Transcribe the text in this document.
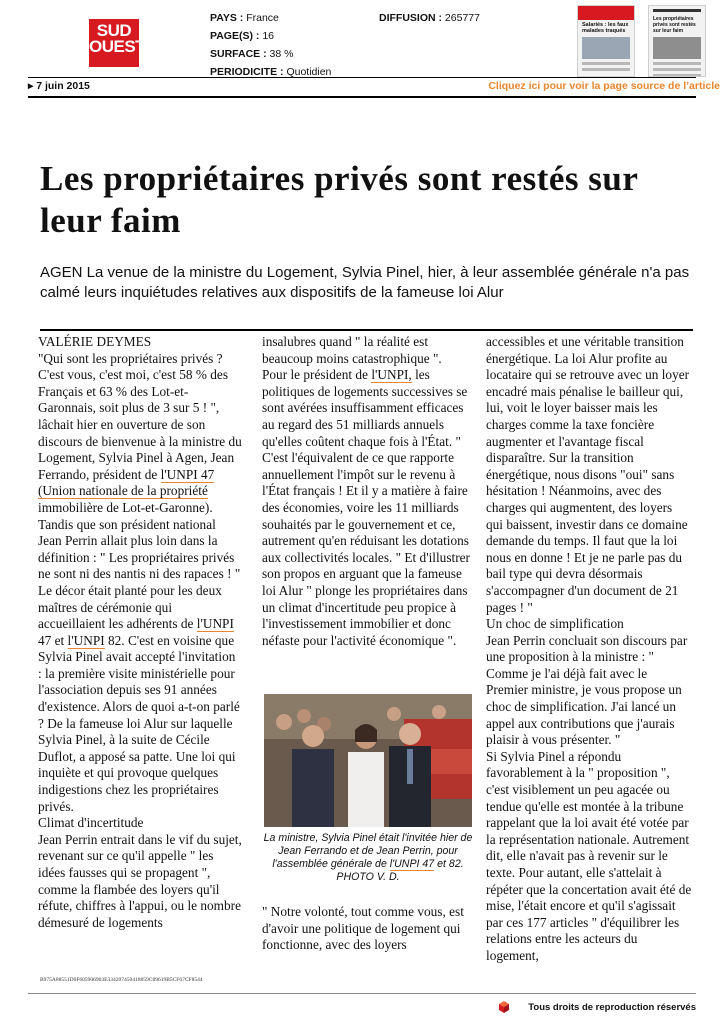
SUD OUEST
PAYS : France
PAGE(S) : 16
SURFACE : 38 %
PERIODICITE : Quotidien
DIFFUSION : 265777
Salariés : les faux malades traqués
Les propriétaires privés sont restés sur leur faim
▸ 7 juin 2015	Cliquez ici pour voir la page source de l’article
Les propriétaires privés sont restés sur leur faim
AGEN La venue de la ministre du Logement, Sylvia Pinel, hier, à leur assemblée générale n'a pas calmé leurs inquiétudes relatives aux dispositifs de la fameuse loi Alur

VALÉRIE DEYMES

"Qui sont les propriétaires privés ? C'est vous, c'est moi, c'est 58 % des Français et 63 % des Lot-et-Garonnais, soit plus de 3 sur 5 ! ", lâchait hier en ouverture de son discours de bienvenue à la ministre du Logement, Sylvia Pinel à Agen, Jean Ferrando, président de l'UNPI 47 (Union nationale de la propriété immobilière de Lot-et-Garonne). Tandis que son président national Jean Perrin allait plus loin dans la définition : " Les propriétaires privés ne sont ni des nantis ni des rapaces ! "

Le décor était planté pour les deux maîtres de cérémonie qui accueillaient les adhérents de l'UNPI 47 et l'UNPI 82. C'est en voisine que Sylvia Pinel avait accepté l'invitation : la première visite ministérielle pour l'association depuis ses 91 années d'existence. Alors de quoi a-t-on parlé ? De la fameuse loi Alur sur laquelle Sylvia Pinel, à la suite de Cécile Duflot, a apposé sa patte. Une loi qui inquiète et qui provoque quelques indigestions chez les propriétaires privés.

Climat d'incertitude

Jean Perrin entrait dans le vif du sujet, revenant sur ce qu'il appelle " les idées fausses qui se propagent ", comme la flambée des loyers qu'il réfute, chiffres à l'appui, ou le nombre démesuré de logements

insalubres quand " la réalité est beaucoup moins catastrophique ". Pour le président de l'UNPI, les politiques de logements successives se sont avérées insuffisamment efficaces au regard des 51 milliards annuels qu'elles coûtent chaque fois à l'État. " C'est l'équivalent de ce que rapporte annuellement l'impôt sur le revenu à l'État français ! Et il y a matière à faire des économies, voire les 11 milliards souhaités par le gouvernement et ce, autrement qu'en réduisant les dotations aux collectivités locales. " Et d'illustrer son propos en arguant que la fameuse loi Alur " plonge les propriétaires dans un climat d'incertitude peu propice à l'investissement immobilier et donc néfaste pour l'activité économique ".

La ministre, Sylvia Pinel était l'invitée hier de Jean Ferrando et de Jean Perrin, pour l'assemblée générale de l'UNPI 47 et 82. PHOTO V. D.

" Notre volonté, tout comme vous, est d'avoir une politique de logement qui fonctionne, avec des loyers

accessibles et une véritable transition énergétique. La loi Alur profite au locataire qui se retrouve avec un loyer encadré mais pénalise le bailleur qui, lui, voit le loyer baisser mais les charges comme la taxe foncière augmenter et l'avantage fiscal disparaître. Sur la transition énergétique, nous disons "oui" sans hésitation ! Néanmoins, avec des charges qui augmentent, des loyers qui baissent, investir dans ce domaine demande du temps. Il faut que la loi nous en donne ! Et je ne parle pas du bail type qui devra désormais s'accompagner d'un document de 21 pages ! "

Un choc de simplification

Jean Perrin concluait son discours par une proposition à la ministre : " Comme je l'ai déjà fait avec le Premier ministre, je vous propose un choc de simplification. J'ai lancé un appel aux contributions que j'aurais plaisir à vous présenter. "

Si Sylvia Pinel a répondu favorablement à la " proposition ", c'est visiblement un peu agacée ou tendue qu'elle est montée à la tribune rappelant que la loi avait été votée par la représentation nationale. Autrement dit, elle n'avait pas à revenir sur le texte. Pour autant, elle s'attelait à répéter que la concertation avait été de mise, l'était encore et qu'il s'agissait par ces 177 articles " d'équilibrer les relations entre les acteurs du logement,

B975A88551D0F605906903E334207450418859C89619B5CF67CF8544
Tous droits de reproduction réservés
